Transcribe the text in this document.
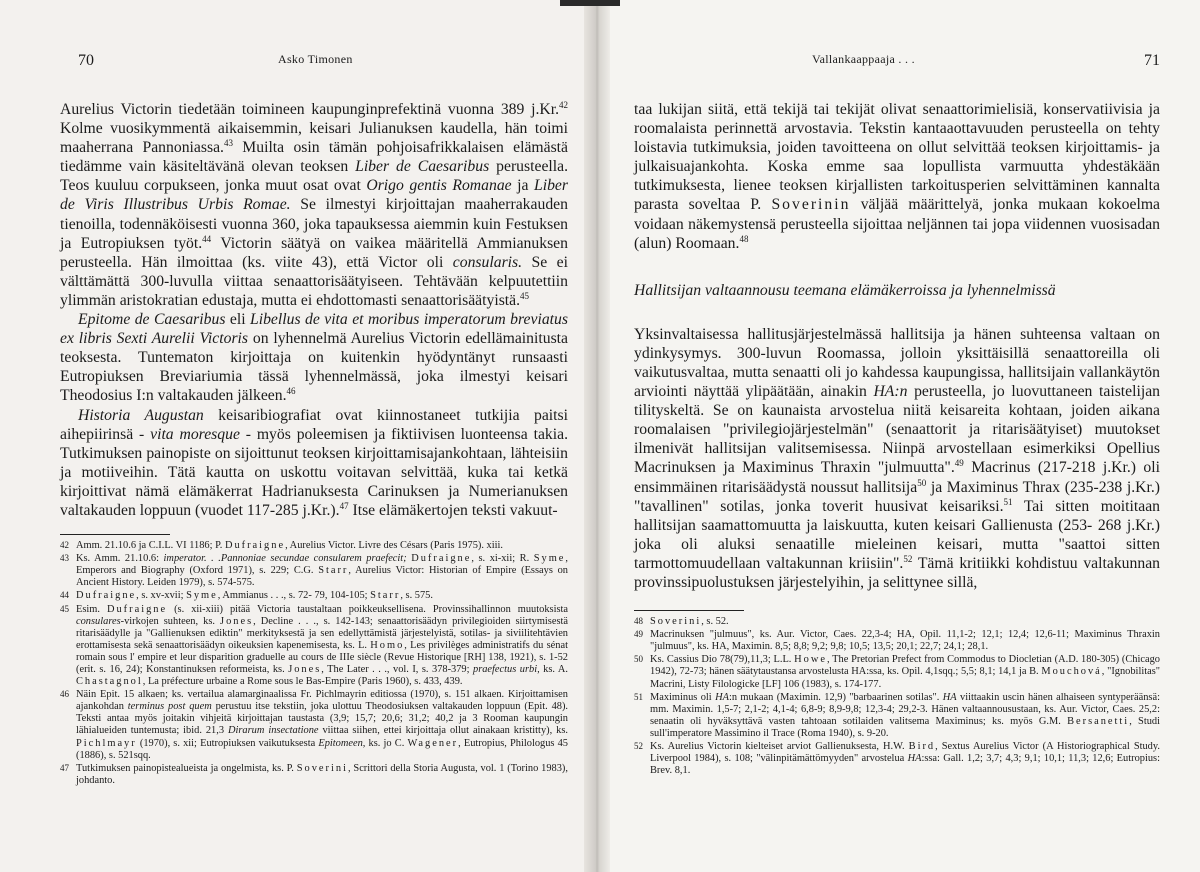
70	Asko Timonen

Aurelius Victorin tiedetään toimineen kaupunginprefektinä vuonna 389 j.Kr.$^{42}$ Kolme vuosikymmentä aikaisemmin, keisari Julianuksen kaudella, hän toimi maaherrana Pannoniassa.$^{43}$ Muilta osin tämän pohjoisafrikkalaisen elämästä tiedämme vain käsiteltävänä olevan teoksen Liber de Caesaribus perusteella. Teos kuuluu corpukseen, jonka muut osat ovat Origo gentis Romanae ja Liber de Viris Illustribus Urbis Romae. Se ilmestyi kirjoittajan maaherrakauden tienoilla, todennäköisesti vuonna 360, joka tapauksessa aiemmin kuin Festuksen ja Eutropiuksen työt.$^{44}$ Victorin säätyä on vaikea määritellä Ammianuksen perusteella. Hän ilmoittaa (ks. viite 43), että Victor oli consularis. Se ei välttämättä 300-luvulla viittaa senaattorisäätyiseen. Tehtävään kelpuutettiin ylimmän aristokratian edustaja, mutta ei ehdottomasti senaattorisäätyistä.$^{45}$

Epitome de Caesaribus eli Libellus de vita et moribus imperatorum breviatus ex libris Sexti Aurelii Victoris on lyhennelmä Aurelius Victorin edellämainitusta teoksesta. Tuntematon kirjoittaja on kuitenkin hyödyntänyt runsaasti Eutropiuksen Breviariumia tässä lyhennelmässä, joka ilmestyi keisari Theodosius I:n valtakauden jälkeen.$^{46}$

Historia Augustan keisaribiografiat ovat kiinnostaneet tutkijia paitsi aihepiirinsä - vita moresque - myös poleemisen ja fiktiivisen luonteensa takia. Tutkimuksen painopiste on sijoittunut teoksen kirjoittamisajankohtaan, lähteisiin ja motiiveihin. Tätä kautta on uskottu voitavan selvittää, kuka tai ketkä kirjoittivat nämä elämäkerrat Hadrianuksesta Carinuksen ja Numerianuksen valtakauden loppuun (vuodet 117-285 j.Kr.).$^{47}$ Itse elämäkertojen teksti vakuut-

42 Amm. 21.10.6 ja C.I.L. VI 1186; P. Dufraigne, Aurelius Victor. Livre des Césars (Paris 1975). xiii.

43 Ks. Amm. 21.10.6: imperator. . .Pannoniae secundae consularem praefecit; Dufraigne, s. xi-xii; R. Syme, Emperors and Biography (Oxford 1971), s. 229; C.G. Starr, Aurelius Victor: Historian of Empire (Essays on Ancient History. Leiden 1979), s. 574-575.

44 Dufraigne, s. xv-xvii; Syme, Ammianus . . ., s. 72- 79, 104-105; Starr, s. 575.

45 Esim. Dufraigne (s. xii-xiii) pitää Victoria taustaltaan poikkeuksellisena. Provinssihallinnon muutoksista consulares-virkojen suhteen, ks. Jones, Decline . . ., s. 142-143; senaattorisäädyn privilegioiden siirtymisestä ritarisäädylle ja "Gallienuksen ediktin" merkityksestä ja sen edellyttämistä järjestelyistä, sotilas- ja siviilitehtävien erottamisesta sekä senaattorisäädyn oikeuksien kapenemisesta, ks. L. Homo, Les privilèges administratifs du sénat romain sous l' empire et leur disparition graduelle au cours de IIIe siècle (Revue Historique [RH] 138, 1921), s. 1-52 (erit. s. 16, 24); Konstantinuksen reformeista, ks. Jones, The Later . . ., vol. I, s. 378-379; praefectus urbi, ks. A. Chastagnol, La préfecture urbaine a Rome sous le Bas-Empire (Paris 1960), s. 433, 439.

46 Näin Epit. 15 alkaen; ks. vertailua alamarginaalissa Fr. Pichlmayrin editiossa (1970), s. 151 alkaen. Kirjoittamisen ajankohdan terminus post quem perustuu itse tekstiin, joka ulottuu Theodosiuksen valtakauden loppuun (Epit. 48). Teksti antaa myös joitakin vihjeitä kirjoittajan taustasta (3,9; 15,7; 20,6; 31,2; 40,2 ja 3 Rooman kaupungin lähialueiden tuntemusta; ibid. 21,3 Dirarum insectatione viittaa siihen, ettei kirjoittaja ollut ainakaan kristitty), ks. Pichlmayr (1970), s. xii; Eutropiuksen vaikutuksesta Epitomeen, ks. jo C. Wagener, Eutropius, Philologus 45 (1886), s. 521sqq.

47 Tutkimuksen painopistealueista ja ongelmista, ks. P. Soverini, Scrittori della Storia Augusta, vol. 1 (Torino 1983), johdanto.

Vallankaappaaja . . .	71

taa lukijan siitä, että tekijä tai tekijät olivat senaattorimielisiä, konservatiivisia ja roomalaista perinnettä arvostavia. Tekstin kantaaottavuuden perusteella on tehty loistavia tutkimuksia, joiden tavoitteena on ollut selvittää teoksen kirjoittamis- ja julkaisuajankohta. Koska emme saa lopullista varmuutta yhdestäkään tutkimuksesta, lienee teoksen kirjallisten tarkoitusperien selvittäminen kannalta parasta soveltaa P. Soverinin väljää määrittelyä, jonka mukaan kokoelma voidaan näkemystensä perusteella sijoittaa neljännen tai jopa viidennen vuosisadan (alun) Roomaan.$^{48}$

Hallitsijan valtaannousu teemana elämäkerroissa ja lyhennelmissä

Yksinvaltaisessa hallitusjärjestelmässä hallitsija ja hänen suhteensa valtaan on ydinkysymys. 300-luvun Roomassa, jolloin yksittäisillä senaattoreilla oli vaikutusvaltaa, mutta senaatti oli jo kahdessa kaupungissa, hallitsijain vallankäytön arviointi näyttää ylipäätään, ainakin HA:n perusteella, jo luovuttaneen taistelijan tilityskeltä. Se on kaunaista arvostelua niitä keisareita kohtaan, joiden aikana roomalaisen "privilegiojärjestelmän" (senaattorit ja ritarisäätyiset) muutokset ilmenivät hallitsijan valitsemisessa. Niinpä arvostellaan esimerkiksi Opellius Macrinuksen ja Maximinus Thraxin "julmuutta".$^{49}$ Macrinus (217-218 j.Kr.) oli ensimmäinen ritarisäädystä noussut hallitsija$^{50}$ ja Maximinus Thrax (235-238 j.Kr.) "tavallinen" sotilas, jonka toverit huusivat keisariksi.$^{51}$ Tai sitten moititaan hallitsijan saamattomuutta ja laiskuutta, kuten keisari Gallienusta (253- 268 j.Kr.) joka oli aluksi senaatille mieleinen keisari, mutta "saattoi sitten tarmottomuudellaan valtakunnan kriisiin".$^{52}$ Tämä kritiikki kohdistuu valtakunnan provinssipuolustuksen järjestelyihin, ja selittynee sillä,

48 Soverini, s. 52.

49 Macrinuksen "julmuus", ks. Aur. Victor, Caes. 22,3-4; HA, Opil. 11,1-2; 12,1; 12,4; 12,6-11; Maximinus Thraxin "julmuus", ks. HA, Maximin. 8,5; 8,8; 9,2; 9,8; 10,5; 13,5; 20,1; 22,7; 24,1; 28,1.

50 Ks. Cassius Dio 78(79),11,3; L.L. Howe, The Pretorian Prefect from Commodus to Diocletian (A.D. 180-305) (Chicago 1942), 72-73; hänen säätytaustansa arvostelusta HA:ssa, ks. Opil. 4,1sqq.; 5,5; 8,1; 14,1 ja B. Mouchová, "Ignobilitas" Macrini, Listy Filologicke [LF] 106 (1983), s. 174-177.

51 Maximinus oli HA:n mukaan (Maximin. 12,9) "barbaarinen sotilas". HA viittaakin uscin hänen alhaiseen syntyperäänsä: mm. Maximin. 1,5-7; 2,1-2; 4,1-4; 6,8-9; 8,9-9,8; 12,3-4; 29,2-3. Hänen valtaannousustaan, ks. Aur. Victor, Caes. 25,2: senaatin oli hyväksyttävä vasten tahtoaan sotilaiden valitsema Maximinus; ks. myös G.M. Bersanetti, Studi sull'imperatore Massimino il Trace (Roma 1940), s. 9-20.

52 Ks. Aurelius Victorin kielteiset arviot Gallienuksesta, H.W. Bird, Sextus Aurelius Victor (A Historiographical Study. Liverpool 1984), s. 108; "välinpitämättömyyden" arvostelua HA:ssa: Gall. 1,2; 3,7; 4,3; 9,1; 10,1; 11,3; 12,6; Eutropius: Brev. 8,1.
